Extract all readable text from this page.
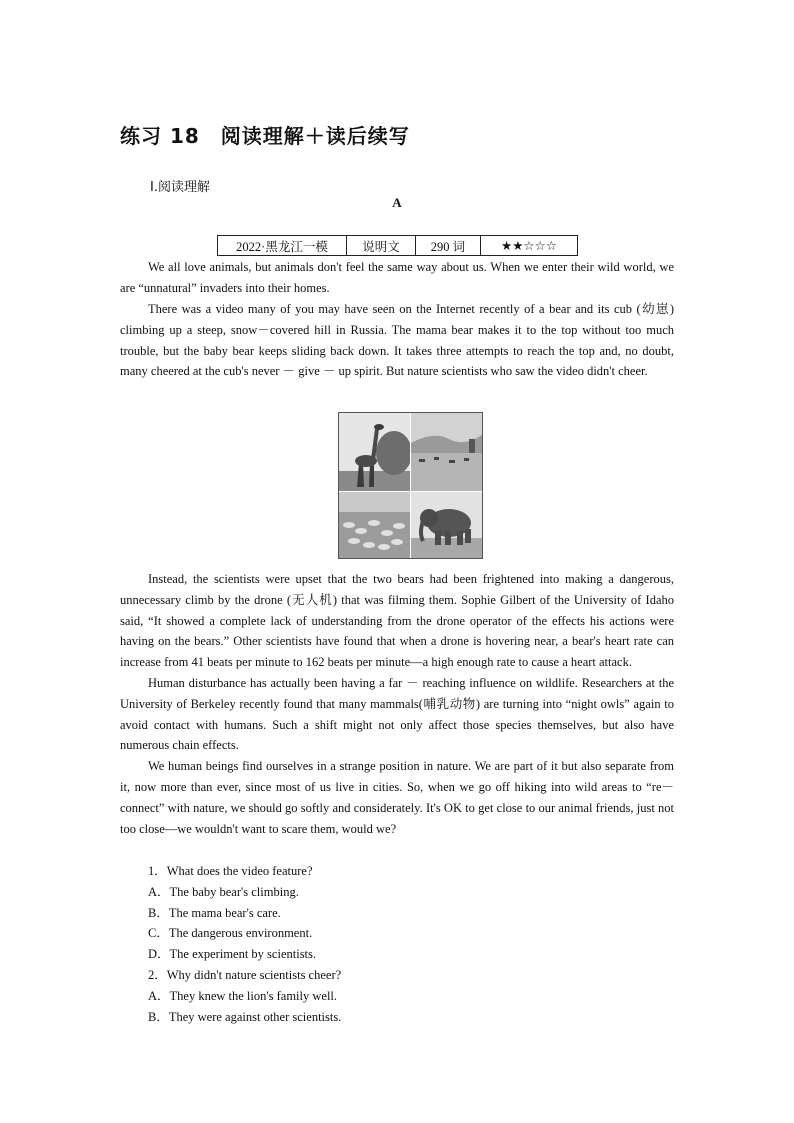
练习 18　阅读理解＋读后续写
Ⅰ.阅读理解
A
2022·黑龙江一模	说明文	290 词	★★☆☆☆

We all love animals, but animals don't feel the same way about us. When we enter their wild world, we are “unnatural” invaders into their homes.

There was a video many of you may have seen on the Internet recently of a bear and its cub (幼崽) climbing up a steep, snow－covered hill in Russia. The mama bear makes it to the top without too much trouble, but the baby bear keeps sliding back down. It takes three attempts to reach the top and, no doubt, many cheered at the cub's never － give － up spirit. But nature scientists who saw the video didn't cheer.

Instead, the scientists were upset that the two bears had been frightened into making a dangerous, unnecessary climb by the drone (无人机) that was filming them. Sophie Gilbert of the University of Idaho said, “It showed a complete lack of understanding from the drone operator of the effects his actions were having on the bears.” Other scientists have found that when a drone is hovering near, a bear's heart rate can increase from 41 beats per minute to 162 beats per minute—a high enough rate to cause a heart attack.

Human disturbance has actually been having a far － reaching influence on wildlife. Researchers at the University of Berkeley recently found that many mammals(哺乳动物) are turning into “night owls” again to avoid contact with humans. Such a shift might not only affect those species themselves, but also have numerous chain effects.

We human beings find ourselves in a strange position in nature. We are part of it but also separate from it, now more than ever, since most of us live in cities. So, when we go off hiking into wild areas to “re－connect” with nature, we should go softly and considerately. It's OK to get close to our animal friends, just not too close—we wouldn't want to scare them, would we?

1．What does the video feature?
A．The baby bear's climbing.
B．The mama bear's care.
C．The dangerous environment.
D．The experiment by scientists.
2．Why didn't nature scientists cheer?
A．They knew the lion's family well.
B．They were against other scientists.
